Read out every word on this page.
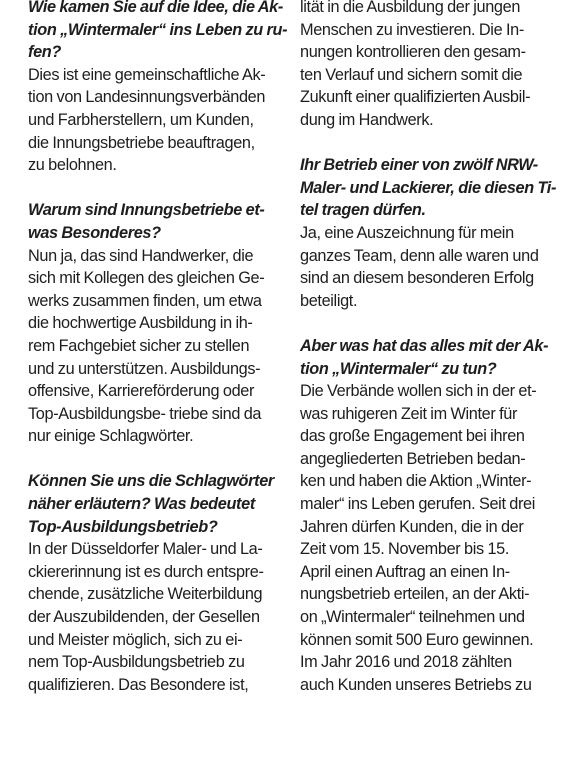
Wie kamen Sie auf die Idee, die Ak-
tion „Wintermaler“ ins Leben zu ru-
fen?
Dies ist eine gemeinschaftliche Ak-
tion von Landesinnungsverbänden
und Farbherstellern, um Kunden,
die Innungsbetriebe beauftragen,
zu belohnen.
Warum sind Innungsbetriebe et-
was Besonderes?
Nun ja, das sind Handwerker, die
sich mit Kollegen des gleichen Ge-
werks zusammen finden, um etwa
die hochwertige Ausbildung in ih-
rem Fachgebiet sicher zu stellen
und zu unterstützen. Ausbildungs-
offensive, Karriereförderung oder
Top-Ausbildungsbe- triebe sind da
nur einige Schlagwörter.
Können Sie uns die Schlagwörter
näher erläutern? Was bedeutet
Top-Ausbildungsbetrieb?
In der Düsseldorfer Maler- und La-
ckiererinnung ist es durch entspre-
chende, zusätzliche Weiterbildung
der Auszubildenden, der Gesellen
und Meister möglich, sich zu ei-
nem Top-Ausbildungsbetrieb zu
qualifizieren. Das Besondere ist,
lität in die Ausbildung der jungen
Menschen zu investieren. Die In-
nungen kontrollieren den gesam-
ten Verlauf und sichern somit die
Zukunft einer qualifizierten Ausbil-
dung im Handwerk.
Ihr Betrieb einer von zwölf NRW-
Maler- und Lackierer, die diesen Ti-
tel tragen dürfen.
Ja, eine Auszeichnung für mein
ganzes Team, denn alle waren und
sind an diesem besonderen Erfolg
beteiligt.
Aber was hat das alles mit der Ak-
tion „Wintermaler“ zu tun?
Die Verbände wollen sich in der et-
was ruhigeren Zeit im Winter für
das große Engagement bei ihren
angegliederten Betrieben bedan-
ken und haben die Aktion „Winter-
maler“ ins Leben gerufen. Seit drei
Jahren dürfen Kunden, die in der
Zeit vom 15. November bis 15.
April einen Auftrag an einen In-
nungsbetrieb erteilen, an der Akti-
on „Wintermaler“ teilnehmen und
können somit 500 Euro gewinnen.
Im Jahr 2016 und 2018 zählten
auch Kunden unseres Betriebs zu
